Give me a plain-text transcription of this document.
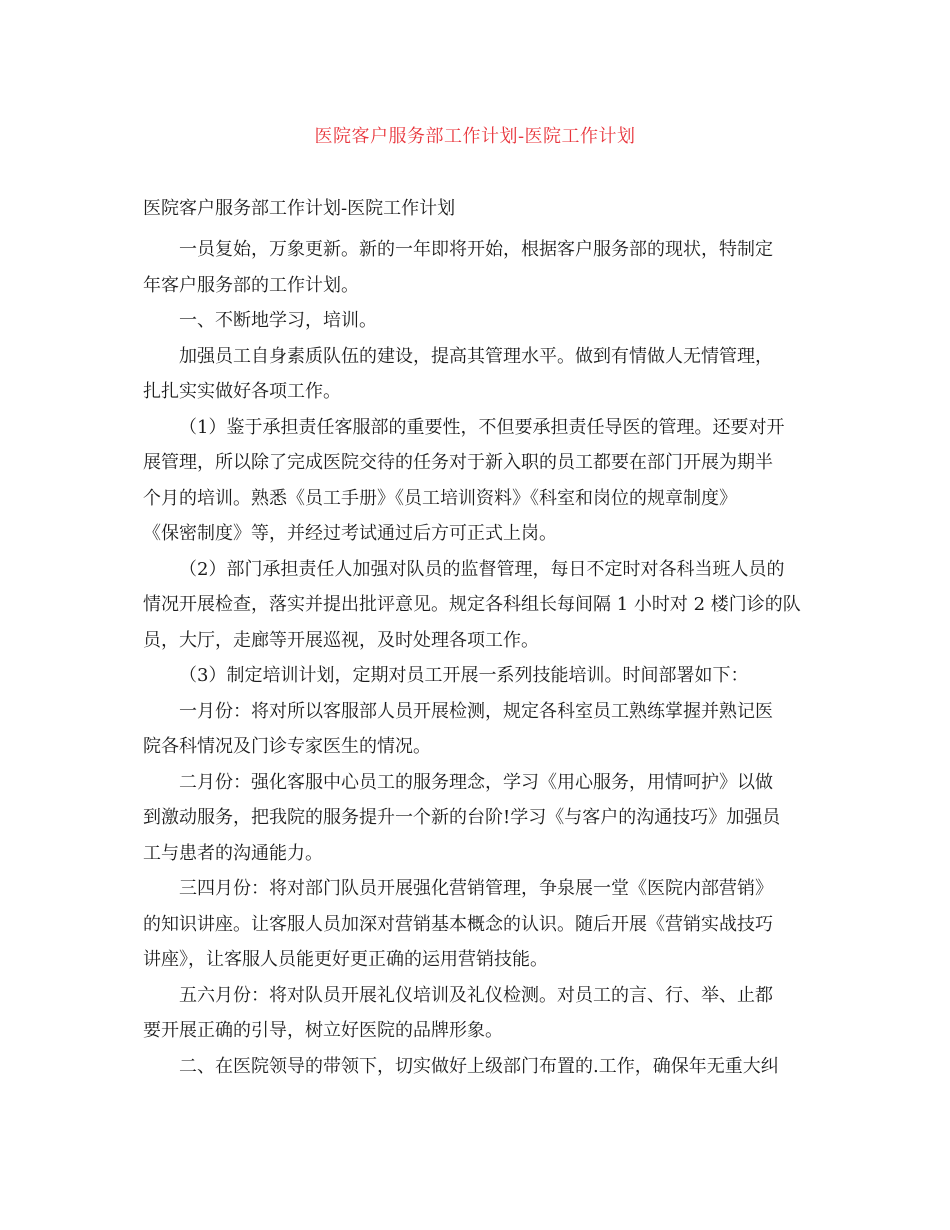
医院客户服务部工作计划-医院工作计划

医院客户服务部工作计划-医院工作计划

一员复始，万象更新。新的一年即将开始，根据客户服务部的现状，特制定

年客户服务部的工作计划。

一、不断地学习，培训。

加强员工自身素质队伍的建设，提高其管理水平。做到有情做人无情管理，

扎扎实实做好各项工作。

（1）鉴于承担责任客服部的重要性，不但要承担责任导医的管理。还要对开

展管理，所以除了完成医院交待的任务对于新入职的员工都要在部门开展为期半

个月的培训。熟悉《员工手册》《员工培训资料》《科室和岗位的规章制度》

《保密制度》等，并经过考试通过后方可正式上岗。

（2）部门承担责任人加强对队员的监督管理，每日不定时对各科当班人员的

情况开展检查，落实并提出批评意见。规定各科组长每间隔 1 小时对 2 楼门诊的队

员，大厅，走廊等开展巡视，及时处理各项工作。

（3）制定培训计划，定期对员工开展一系列技能培训。时间部署如下：

一月份：将对所以客服部人员开展检测，规定各科室员工熟练掌握并熟记医

院各科情况及门诊专家医生的情况。

二月份：强化客服中心员工的服务理念，学习《用心服务，用情呵护》以做

到激动服务，把我院的服务提升一个新的台阶!学习《与客户的沟通技巧》加强员

工与患者的沟通能力。

三四月份：将对部门队员开展强化营销管理，争泉展一堂《医院内部营销》

的知识讲座。让客服人员加深对营销基本概念的认识。随后开展《营销实战技巧

讲座》，让客服人员能更好更正确的运用营销技能。

五六月份：将对队员开展礼仪培训及礼仪检测。对员工的言、行、举、止都

要开展正确的引导，树立好医院的品牌形象。

二、在医院领导的带领下，切实做好上级部门布置的.工作，确保年无重大纠
